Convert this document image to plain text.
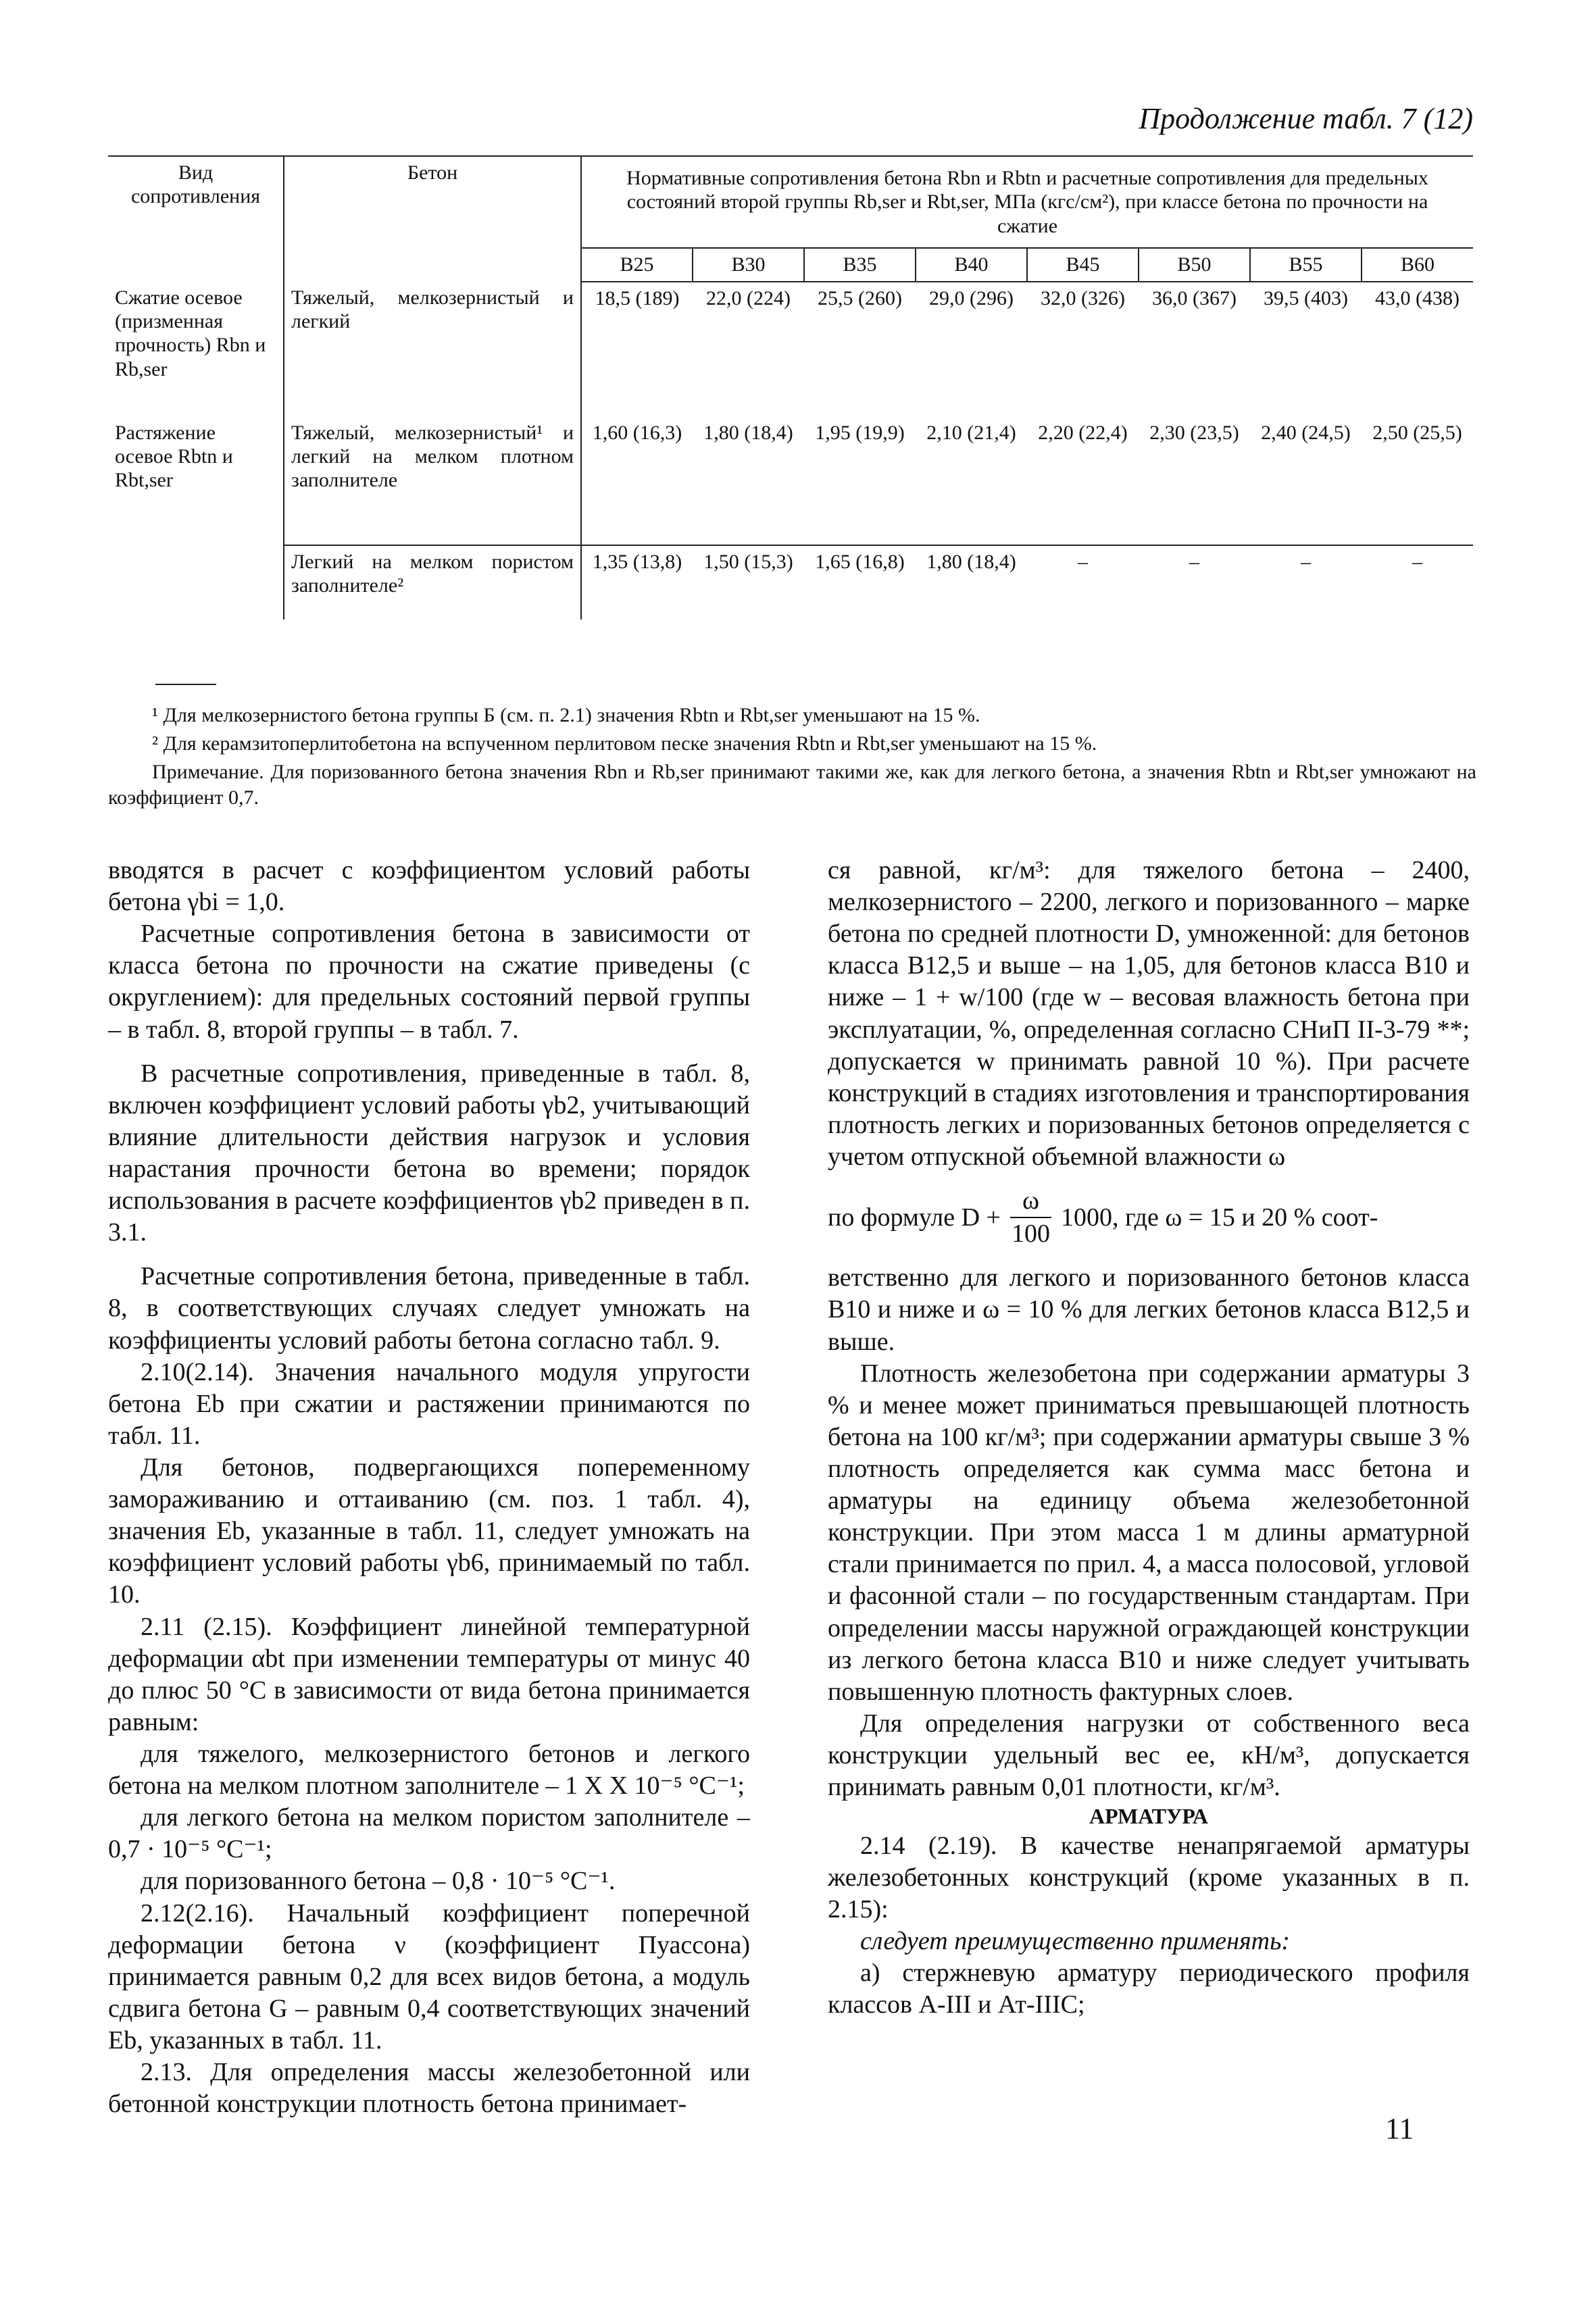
Продолжение табл. 7 (12)
Вид сопротивления	Бетон	Нормативные сопротивления бетона Rbn и Rbtn и расчетные сопротивления для предельных состояний второй группы Rb,ser и Rbt,ser, МПа (кгс/см²), при классе бетона по прочности на сжатие							
		B25	B30	B35	B40	B45	B50	B55	B60
Сжатие осевое (призменная прочность) Rbn и Rb,ser	Тяжелый, мелкозернистый и легкий	18,5 (189)	22,0 (224)	25,5 (260)	29,0 (296)	32,0 (326)	36,0 (367)	39,5 (403)	43,0 (438)
Растяжение осевое Rbtn и Rbt,ser	Тяжелый, мелкозернистый¹ и легкий на мелком плотном заполнителе	1,60 (16,3)	1,80 (18,4)	1,95 (19,9)	2,10 (21,4)	2,20 (22,4)	2,30 (23,5)	2,40 (24,5)	2,50 (25,5)
	Легкий на мелком пористом заполнителе²	1,35 (13,8)	1,50 (15,3)	1,65 (16,8)	1,80 (18,4)	–	–	–	–
¹ Для мелкозернистого бетона группы Б (см. п. 2.1) значения Rbtn и Rbt,ser уменьшают на 15 %.
² Для керамзитоперлитобетона на вспученном перлитовом песке значения Rbtn и Rbt,ser уменьшают на 15 %.
Примечание. Для поризованного бетона значения Rbn и Rb,ser принимают такими же, как для легкого бетона, а значения Rbtn и Rbt,ser умножают на коэффициент 0,7.

вводятся в расчет с коэффициентом условий работы бетона γbi = 1,0.

Расчетные сопротивления бетона в зависимости от класса бетона по прочности на сжатие приведены (с округлением): для предельных состояний первой группы – в табл. 8, второй группы – в табл. 7.

В расчетные сопротивления, приведенные в табл. 8, включен коэффициент условий работы γb2, учитывающий влияние длительности действия нагрузок и условия нарастания прочности бетона во времени; порядок использования в расчете коэффициентов γb2 приведен в п. 3.1.

Расчетные сопротивления бетона, приведенные в табл. 8, в соответствующих случаях следует умножать на коэффициенты условий работы бетона согласно табл. 9.

2.10(2.14). Значения начального модуля упругости бетона Eb при сжатии и растяжении принимаются по табл. 11.

Для бетонов, подвергающихся попеременному замораживанию и оттаиванию (см. поз. 1 табл. 4), значения Eb, указанные в табл. 11, следует умножать на коэффициент условий работы γb6, принимаемый по табл. 10.

2.11 (2.15). Коэффициент линейной температурной деформации αbt при изменении температуры от минус 40 до плюс 50 °С в зависимости от вида бетона принимается равным:

для тяжелого, мелкозернистого бетонов и легкого бетона на мелком плотном заполнителе – 1 Х Х 10⁻⁵ °С⁻¹;

для легкого бетона на мелком пористом заполнителе – 0,7 · 10⁻⁵ °С⁻¹;

для поризованного бетона – 0,8 · 10⁻⁵ °С⁻¹.

2.12(2.16). Начальный коэффициент поперечной деформации бетона ν (коэффициент Пуассона) принимается равным 0,2 для всех видов бетона, а модуль сдвига бетона G – равным 0,4 соответствующих значений Eb, указанных в табл. 11.

2.13. Для определения массы железобетонной или бетонной конструкции плотность бетона принимает-

ся равной, кг/м³: для тяжелого бетона – 2400, мелкозернистого – 2200, легкого и поризованного – марке бетона по средней плотности D, умноженной: для бетонов класса В12,5 и выше – на 1,05, для бетонов класса В10 и ниже – 1 + w/100 (где w – весовая влажность бетона при эксплуатации, %, определенная согласно СНиП II-3-79 **; допускается w принимать равной 10 %). При расчете конструкций в стадиях изготовления и транспортирования плотность легких и поризованных бетонов определяется с учетом отпускной объемной влажности ω

по формуле $D + \frac{\omega}{100} 1000$, где ω = 15 и 20 % соот-

ветственно для легкого и поризованного бетонов класса В10 и ниже и ω = 10 % для легких бетонов класса В12,5 и выше.

Плотность железобетона при содержании арматуры 3 % и менее может приниматься превышающей плотность бетона на 100 кг/м³; при содержании арматуры свыше 3 % плотность определяется как сумма масс бетона и арматуры на единицу объема железобетонной конструкции. При этом масса 1 м длины арматурной стали принимается по прил. 4, а масса полосовой, угловой и фасонной стали – по государственным стандартам. При определении массы наружной ограждающей конструкции из легкого бетона класса В10 и ниже следует учитывать повышенную плотность фактурных слоев.

Для определения нагрузки от собственного веса конструкции удельный вес ее, кН/м³, допускается принимать равным 0,01 плотности, кг/м³.

АРМАТУРА

2.14 (2.19). В качестве ненапрягаемой арматуры железобетонных конструкций (кроме указанных в п. 2.15):

следует преимущественно применять:

а) стержневую арматуру периодического профиля классов А-III и Ат-IIIС;

11
